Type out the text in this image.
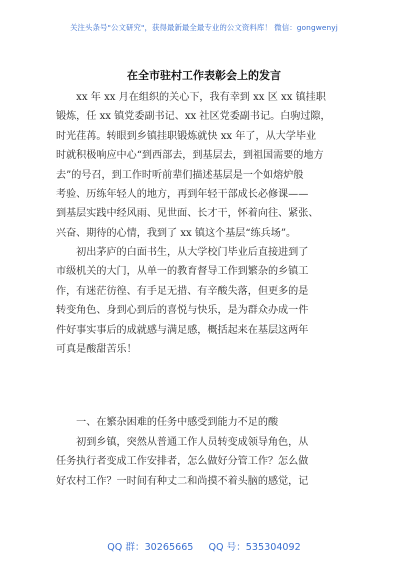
关注头条号"公文研究"，获得最新最全最专业的公文资料库！ 微信：gongwenyj
在全市驻村工作表彰会上的发言
　　xx 年 xx 月在组织的关心下，我有幸到 xx 区 xx 镇挂职
锻炼，任 xx 镇党委副书记、xx 社区党委副书记。白驹过隙，
时光荏苒。转眼到乡镇挂职锻炼就快 xx 年了，从大学毕业
时就积极响应中心“到西部去，到基层去，到祖国需要的地方
去”的号召，到工作时听前辈们描述基层是一个如熔炉般
考验、历练年轻人的地方，再到年轻干部成长必修课——
到基层实践中经风雨、见世面、长才干，怀着向往、紧张、
兴奋、期待的心情，我到了 xx 镇这个基层“练兵场”。
　　初出茅庐的白面书生，从大学校门毕业后直接进到了
市级机关的大门，从单一的教育督导工作到繁杂的乡镇工
作，有迷茫彷徨、有手足无措、有辛酸失落，但更多的是
转变角色、身到心到后的喜悦与快乐，是为群众办成一件
件好事实事后的成就感与满足感，概括起来在基层这两年
可真是酸甜苦乐！
　　一、在繁杂困难的任务中感受到能力不足的酸
　　初到乡镇，突然从普通工作人员转变成领导角色，从
任务执行者变成工作安排者，怎么做好分管工作？怎么做
好农村工作？一时间有种丈二和尚摸不着头脑的感觉，记
QQ 群：30265665 QQ 号：535304092
